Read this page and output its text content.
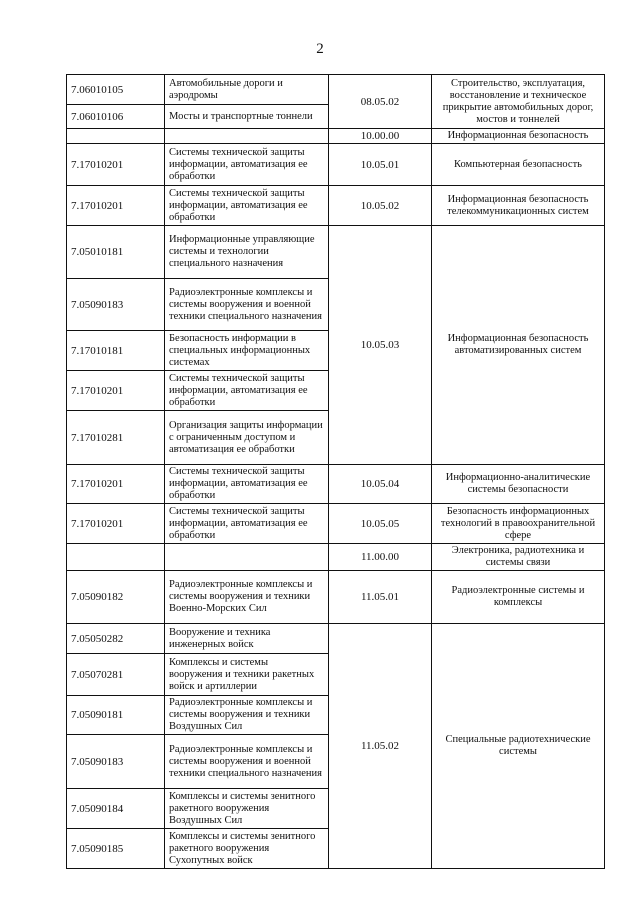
2
7.06010105	Автомобильные дороги и аэродромы	08.05.02	Строительство, эксплуатация, восстановление и техническое прикрытие автомобильных дорог, мостов и тоннелей
7.06010106	Мосты и транспортные тоннели		
		10.00.00	Информационная безопасность
7.17010201	Системы технической защиты информации, автоматизация ее обработки	10.05.01	Компьютерная безопасность
7.17010201	Системы технической защиты информации, автоматизация ее обработки	10.05.02	Информационная безопасность телекоммуникационных систем
7.05010181	Информационные управляющие системы и технологии специального назначения	10.05.03	Информационная безопасность автоматизированных систем
7.05090183	Радиоэлектронные комплексы и системы вооружения и военной техники специального назначения		
7.17010181	Безопасность информации в специальных информационных системах		
7.17010201	Системы технической защиты информации, автоматизация ее обработки		
7.17010281	Организация защиты информации с ограниченным доступом и автоматизация ее обработки		
7.17010201	Системы технической защиты информации, автоматизация ее обработки	10.05.04	Информационно-аналитические системы безопасности
7.17010201	Системы технической защиты информации, автоматизация ее обработки	10.05.05	Безопасность информационных технологий в правоохранительной сфере
		11.00.00	Электроника, радиотехника и системы связи
7.05090182	Радиоэлектронные комплексы и системы вооружения и техники Военно-Морских Сил	11.05.01	Радиоэлектронные системы и комплексы
7.05050282	Вооружение и техника инженерных войск	11.05.02	Специальные радиотехнические системы
7.05070281	Комплексы и системы вооружения и техники ракетных войск и артиллерии		
7.05090181	Радиоэлектронные комплексы и системы вооружения и техники Воздушных Сил		
7.05090183	Радиоэлектронные комплексы и системы вооружения и военной техники специального назначения		
7.05090184	Комплексы и системы зенитного ракетного вооружения Воздушных Сил		
7.05090185	Комплексы и системы зенитного ракетного вооружения Сухопутных войск		
